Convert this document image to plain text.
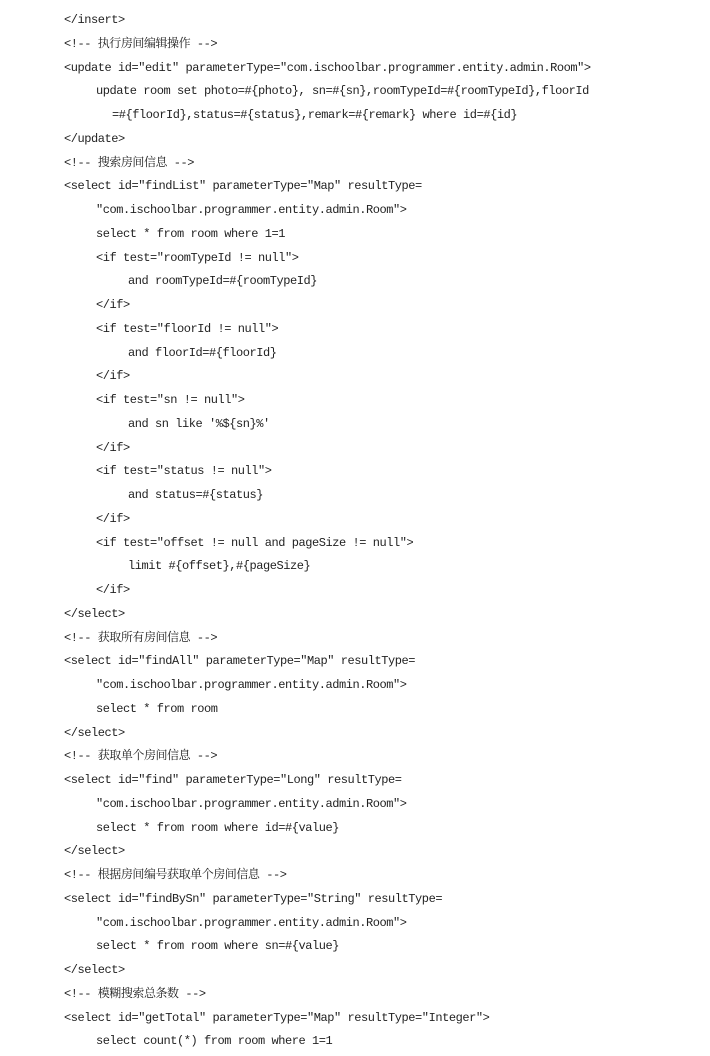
</insert>
<!-- 执行房间编辑操作 -->
<update id="edit" parameterType="com.ischoolbar.programmer.entity.admin.Room">
update room set photo=#{photo}, sn=#{sn},roomTypeId=#{roomTypeId},floorId
=#{floorId},status=#{status},remark=#{remark} where id=#{id}
</update>
<!-- 搜索房间信息 -->
<select id="findList" parameterType="Map" resultType=
"com.ischoolbar.programmer.entity.admin.Room">
select * from room where 1=1
<if test="roomTypeId != null">
and roomTypeId=#{roomTypeId}
</if>
<if test="floorId != null">
and floorId=#{floorId}
</if>
<if test="sn != null">
and sn like '%${sn}%'
</if>
<if test="status != null">
and status=#{status}
</if>
<if test="offset != null and pageSize != null">
limit #{offset},#{pageSize}
</if>
</select>
<!-- 获取所有房间信息 -->
<select id="findAll" parameterType="Map" resultType=
"com.ischoolbar.programmer.entity.admin.Room">
select * from room
</select>
<!-- 获取单个房间信息 -->
<select id="find" parameterType="Long" resultType=
"com.ischoolbar.programmer.entity.admin.Room">
select * from room where id=#{value}
</select>
<!-- 根据房间编号获取单个房间信息 -->
<select id="findBySn" parameterType="String" resultType=
"com.ischoolbar.programmer.entity.admin.Room">
select * from room where sn=#{value}
</select>
<!-- 模糊搜索总条数 -->
<select id="getTotal" parameterType="Map" resultType="Integer">
select count(*) from room where 1=1
